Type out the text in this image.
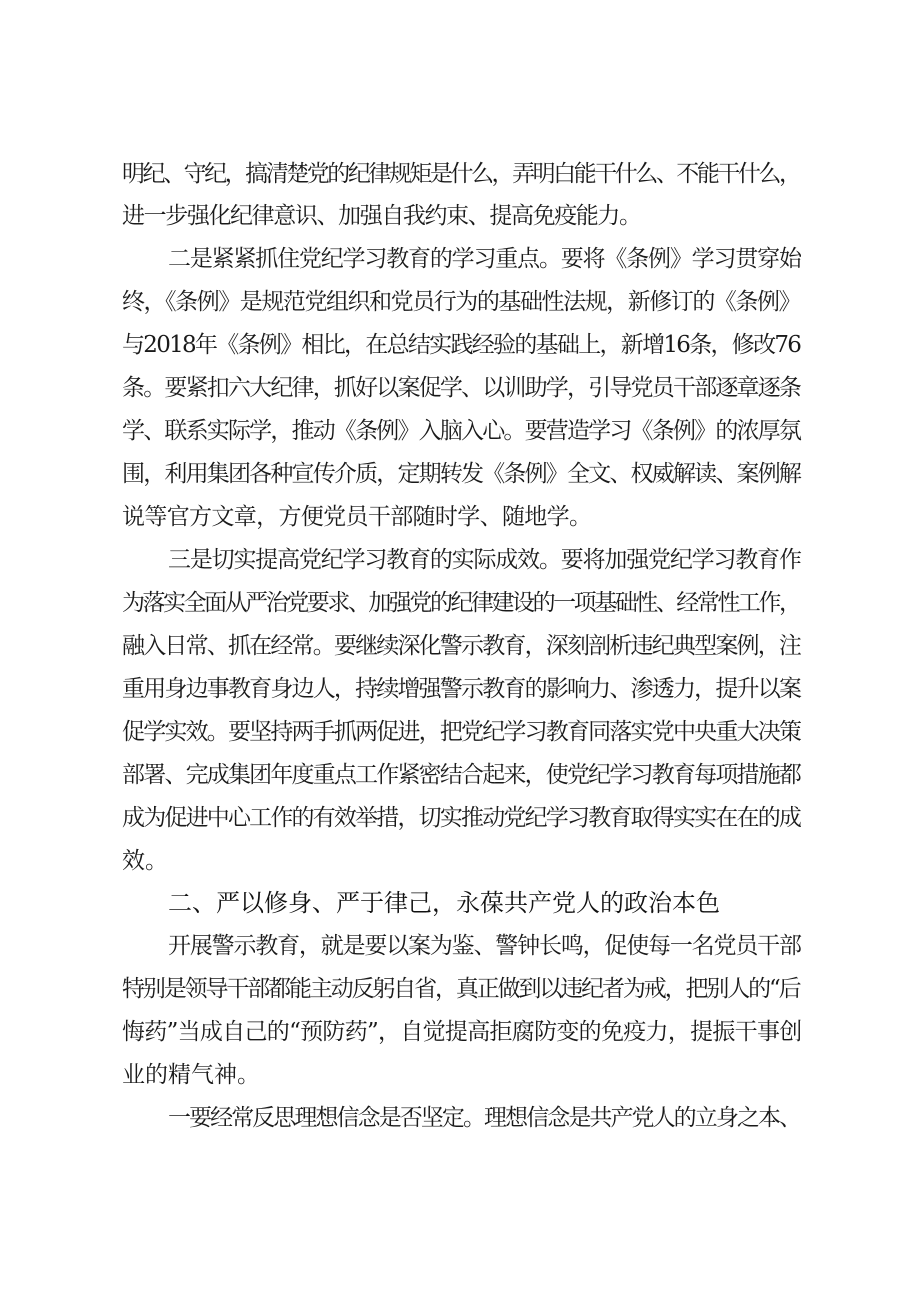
明纪、守纪，搞清楚党的纪律规矩是什么，弄明白能干什么、不能干什么，

进一步强化纪律意识、加强自我约束、提高免疫能力。

二是紧紧抓住党纪学习教育的学习重点。要将《条例》学习贯穿始

终，《条例》是规范党组织和党员行为的基础性法规，新修订的《条例》

与2018年《条例》相比，在总结实践经验的基础上，新增16条，修改76

条。要紧扣六大纪律，抓好以案促学、以训助学，引导党员干部逐章逐条

学、联系实际学，推动《条例》入脑入心。要营造学习《条例》的浓厚氛

围，利用集团各种宣传介质，定期转发《条例》全文、权威解读、案例解

说等官方文章，方便党员干部随时学、随地学。

三是切实提高党纪学习教育的实际成效。要将加强党纪学习教育作

为落实全面从严治党要求、加强党的纪律建设的一项基础性、经常性工作，

融入日常、抓在经常。要继续深化警示教育，深刻剖析违纪典型案例，注

重用身边事教育身边人，持续增强警示教育的影响力、渗透力，提升以案

促学实效。要坚持两手抓两促进，把党纪学习教育同落实党中央重大决策

部署、完成集团年度重点工作紧密结合起来，使党纪学习教育每项措施都

成为促进中心工作的有效举措，切实推动党纪学习教育取得实实在在的成

效。

二、严以修身、严于律己，永葆共产党人的政治本色

开展警示教育，就是要以案为鉴、警钟长鸣，促使每一名党员干部

特别是领导干部都能主动反躬自省，真正做到以违纪者为戒，把别人的“后

悔药”当成自己的“预防药”，自觉提高拒腐防变的免疫力，提振干事创

业的精气神。

一要经常反思理想信念是否坚定。理想信念是共产党人的立身之本、
